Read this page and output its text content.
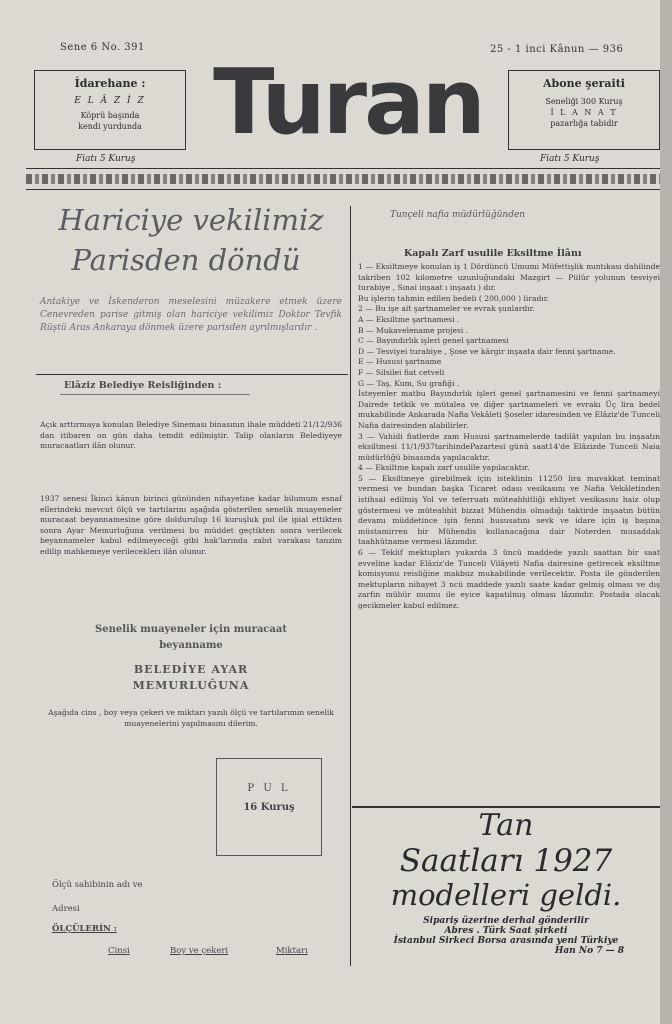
Sene 6 No. 391	25 - 1 inci Kânun — 936
İdarehane :
E L Â Z İ Z
Köprü başında
kendi yurdunda
Fiatı 5 Kuruş
Turan	Abone şeraiti
Seneliği 300 Kuruş
İ L A N A T
pazarlığa tabidir
Fiatı 5 Kuruş
Hariciye vekilimiz
Parisden döndü
Antakiye ve İskenderon meselesini müzakere etmek üzere Cenevreden parise gitmiş olan hariciye vekilimiz Doktor Tevfik Rüştü Aras Ankaraya dönmek üzere parisden ayrılmışlardır .
Elâziz Belediye Reisliğinden :
Açık arttırmaya konulan Belediye Sineması binasının ihale müddeti 21/12/936 dan itibaren on gün daha temdit edilmiştir. Talip olanların Belediyeye muracaatları ilân olunur.
1937 senesi İkinci kânun birinci gününden nihayetine kadar bilumum esnaf ellerindeki mevcut ölçü ve tartılarını aşağıda gösterilen senelik muayeneler muracaat beyannamesine göre doldurulup 16 kuruşluk pul ile ipial ettikten sonra Ayar Memurluğuna verilmesi bu müddet geçtikten sonra verilecek beyannameler kabul edilmeyeceği gibi hak'larında zabıt varakası tanzim edilip mahkemeye verileceklerı ilân olunur.
Senelik muayeneler için muracaat
beyanname
BELEDİYE AYAR
MEMURLUĞUNA
Aşağıda cins , boy veya çekeri ve miktarı yazılı ölçü ve tartılarımın senelik muayenelerini yapılmasını dilerim.
P U L
16 Kuruş
Ölçü sahibinin adı ve
Adresi
ÖLÇÜLERİN :
Cinsi	Boy ve çekeri	Miktarı
Tunçeli nafia müdürlüğünden
Kapalı Zarf usulile Eksiltme İlânı
1 — Eksiltmeye konulan iş 1 Dördüncü Umumi Müfettişlik mıntıkası dahilinde takriben 102 kilometre uzunluğundaki Mazgirt — Pülür yolunun tesviyei turabiye , Sınai inşaat ı inşaatı ) dır.
Bu işlerin tahmin edilen bedeli ( 200,000 ) liradır.
2 — Bu işe ait şartnameler ve evrak şunlardır.
A — Eksiltme şartnamesi .
B — Mukavelename projesi .
C — Bayındırlık işleri genel şartnamesi
D — Tesviyei turabiye , Şose ve kârgir inşaata dair fenni şartname.
E — Hususi şartname
F — Silsilei fiat cetveli
G — Taş, Kum, Su grafiği .
İsteyenler matbu Bayındırlık işleri genel şartnamesini ve fenni şartnameyi Dairede tetkik ve mütalea ve diğer şartnameleri ve evrakı Üç lira bedel mukabilinde Ankarada Nafia Vekâleti Şoseler idaresinden ve Elâziz'de Tunceli Nafia dairesinden alabilirler.
3 — Vahidi fiatlerde zam Hususi şartnamelerde tadilât yapılan bu inşaatın eksiltmesi 11/1/937tarihindePazartesi günü saat14'de Elâzizde Tunceli Naia müdürlüğü binasında yapılacaktır.
4 — Eksiltme kapalı zarf usulile yapılacaktır.
5 — Eksiltmeye girebilmek için isteklinin 11250 lira muvakkat teminat vermesi ve bundan başka Ticaret odası vesikasını ve Nafia Vekâletinden istihsal edilmiş Yol ve teferruatı müteahhitliği ehliyet vesikasını haiz olup göstermesi ve müteahhit bizzat Mühendis olmadığı taktirde inşaatın bütün devamı müddetince işin fenni hususatını sevk ve idare için iş başına müstamirren bir Mühendis kullanacağına dair Noterden musaddak taahhütname vermesi lâzımdır.
6 — Teklif mektupları yukarda 3 üncü maddede yazılı saattan bir saat evveline kadar Elâziz'de Tunceli Vilâyeti Nafia dairesine getirecek eksiltme komisyonu reisliğine makbuz mukabilinde verilecektir. Posta ile gönderilen mektupların nihayet 3 ncü maddede yazılı saate kadar gelmiş olması ve dış zarfın mühür mumu ile eyice kapatılmış olması lâzımdır. Postada olacak gecikmeler kabul edilmez.
Tan
Saatları 1927
modelleri geldi.
Sipariş üzerine derhal gönderilir
Abres . Türk Saat şirketi
İstanbul Sirkeci Borsa arasında yeni Türkiye
Han No 7 — 8
